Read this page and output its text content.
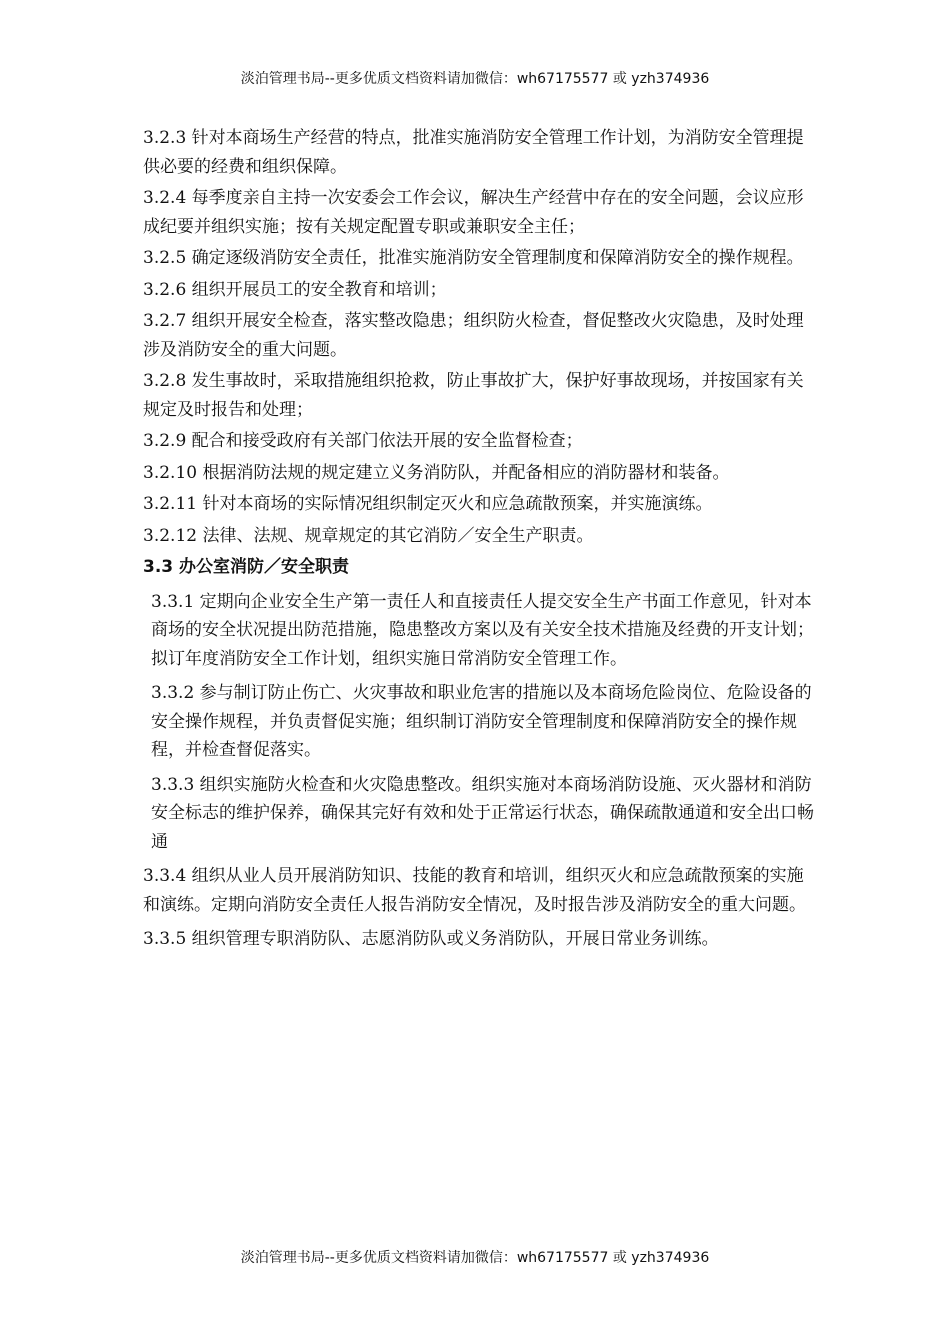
淡泊管理书局--更多优质文档资料请加微信：wh67175577 或 yzh374936

3.2.3 针对本商场生产经营的特点，批准实施消防安全管理工作计划，为消防安全管理提供必要的经费和组织保障。

3.2.4 每季度亲自主持一次安委会工作会议，解决生产经营中存在的安全问题，会议应形成纪要并组织实施；按有关规定配置专职或兼职安全主任；

3.2.5 确定逐级消防安全责任，批准实施消防安全管理制度和保障消防安全的操作规程。

3.2.6 组织开展员工的安全教育和培训；

3.2.7 组织开展安全检查，落实整改隐患；组织防火检查，督促整改火灾隐患，及时处理涉及消防安全的重大问题。

3.2.8 发生事故时，采取措施组织抢救，防止事故扩大，保护好事故现场，并按国家有关规定及时报告和处理；

3.2.9 配合和接受政府有关部门依法开展的安全监督检查；

3.2.10 根据消防法规的规定建立义务消防队，并配备相应的消防器材和装备。

3.2.11 针对本商场的实际情况组织制定灭火和应急疏散预案，并实施演练。

3.2.12 法律、法规、规章规定的其它消防／安全生产职责。

3.3 办公室消防／安全职责

3.3.1 定期向企业安全生产第一责任人和直接责任人提交安全生产书面工作意见，针对本商场的安全状况提出防范措施，隐患整改方案以及有关安全技术措施及经费的开支计划；拟订年度消防安全工作计划，组织实施日常消防安全管理工作。

3.3.2 参与制订防止伤亡、火灾事故和职业危害的措施以及本商场危险岗位、危险设备的安全操作规程，并负责督促实施；组织制订消防安全管理制度和保障消防安全的操作规程，并检查督促落实。

3.3.3 组织实施防火检查和火灾隐患整改。组织实施对本商场消防设施、灭火器材和消防安全标志的维护保养，确保其完好有效和处于正常运行状态，确保疏散通道和安全出口畅通

3.3.4 组织从业人员开展消防知识、技能的教育和培训，组织灭火和应急疏散预案的实施和演练。定期向消防安全责任人报告消防安全情况，及时报告涉及消防安全的重大问题。

3.3.5 组织管理专职消防队、志愿消防队或义务消防队，开展日常业务训练。

淡泊管理书局--更多优质文档资料请加微信：wh67175577 或 yzh374936
